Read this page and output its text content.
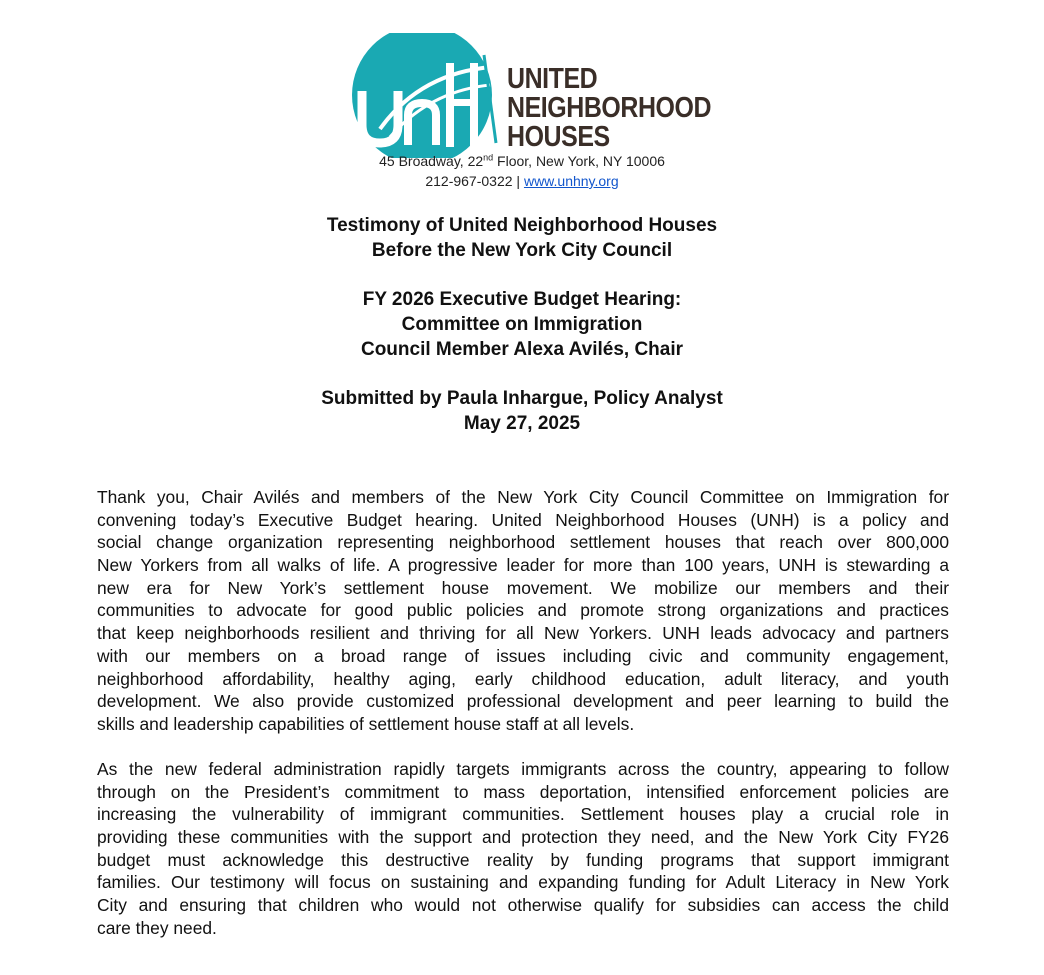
UNITED
NEIGHBORHOOD
HOUSES
45 Broadway, 22nd Floor, New York, NY 10006
212-967-0322 | www.unhny.org
Testimony of United Neighborhood Houses
Before the New York City Council
FY 2026 Executive Budget Hearing:
Committee on Immigration
Council Member Alexa Avilés, Chair
Submitted by Paula Inhargue, Policy Analyst
May 27, 2025
Thank you, Chair Avilés and members of the New York City Council Committee on Immigration for
convening today’s Executive Budget hearing. United Neighborhood Houses (UNH) is a policy and
social change organization representing neighborhood settlement houses that reach over 800,000
New Yorkers from all walks of life. A progressive leader for more than 100 years, UNH is stewarding a
new era for New York’s settlement house movement. We mobilize our members and their
communities to advocate for good public policies and promote strong organizations and practices
that keep neighborhoods resilient and thriving for all New Yorkers. UNH leads advocacy and partners
with our members on a broad range of issues including civic and community engagement,
neighborhood affordability, healthy aging, early childhood education, adult literacy, and youth
development. We also provide customized professional development and peer learning to build the
skills and leadership capabilities of settlement house staff at all levels.
As the new federal administration rapidly targets immigrants across the country, appearing to follow
through on the President’s commitment to mass deportation, intensified enforcement policies are
increasing the vulnerability of immigrant communities. Settlement houses play a crucial role in
providing these communities with the support and protection they need, and the New York City FY26
budget must acknowledge this destructive reality by funding programs that support immigrant
families. Our testimony will focus on sustaining and expanding funding for Adult Literacy in New York
City and ensuring that children who would not otherwise qualify for subsidies can access the child
care they need.
